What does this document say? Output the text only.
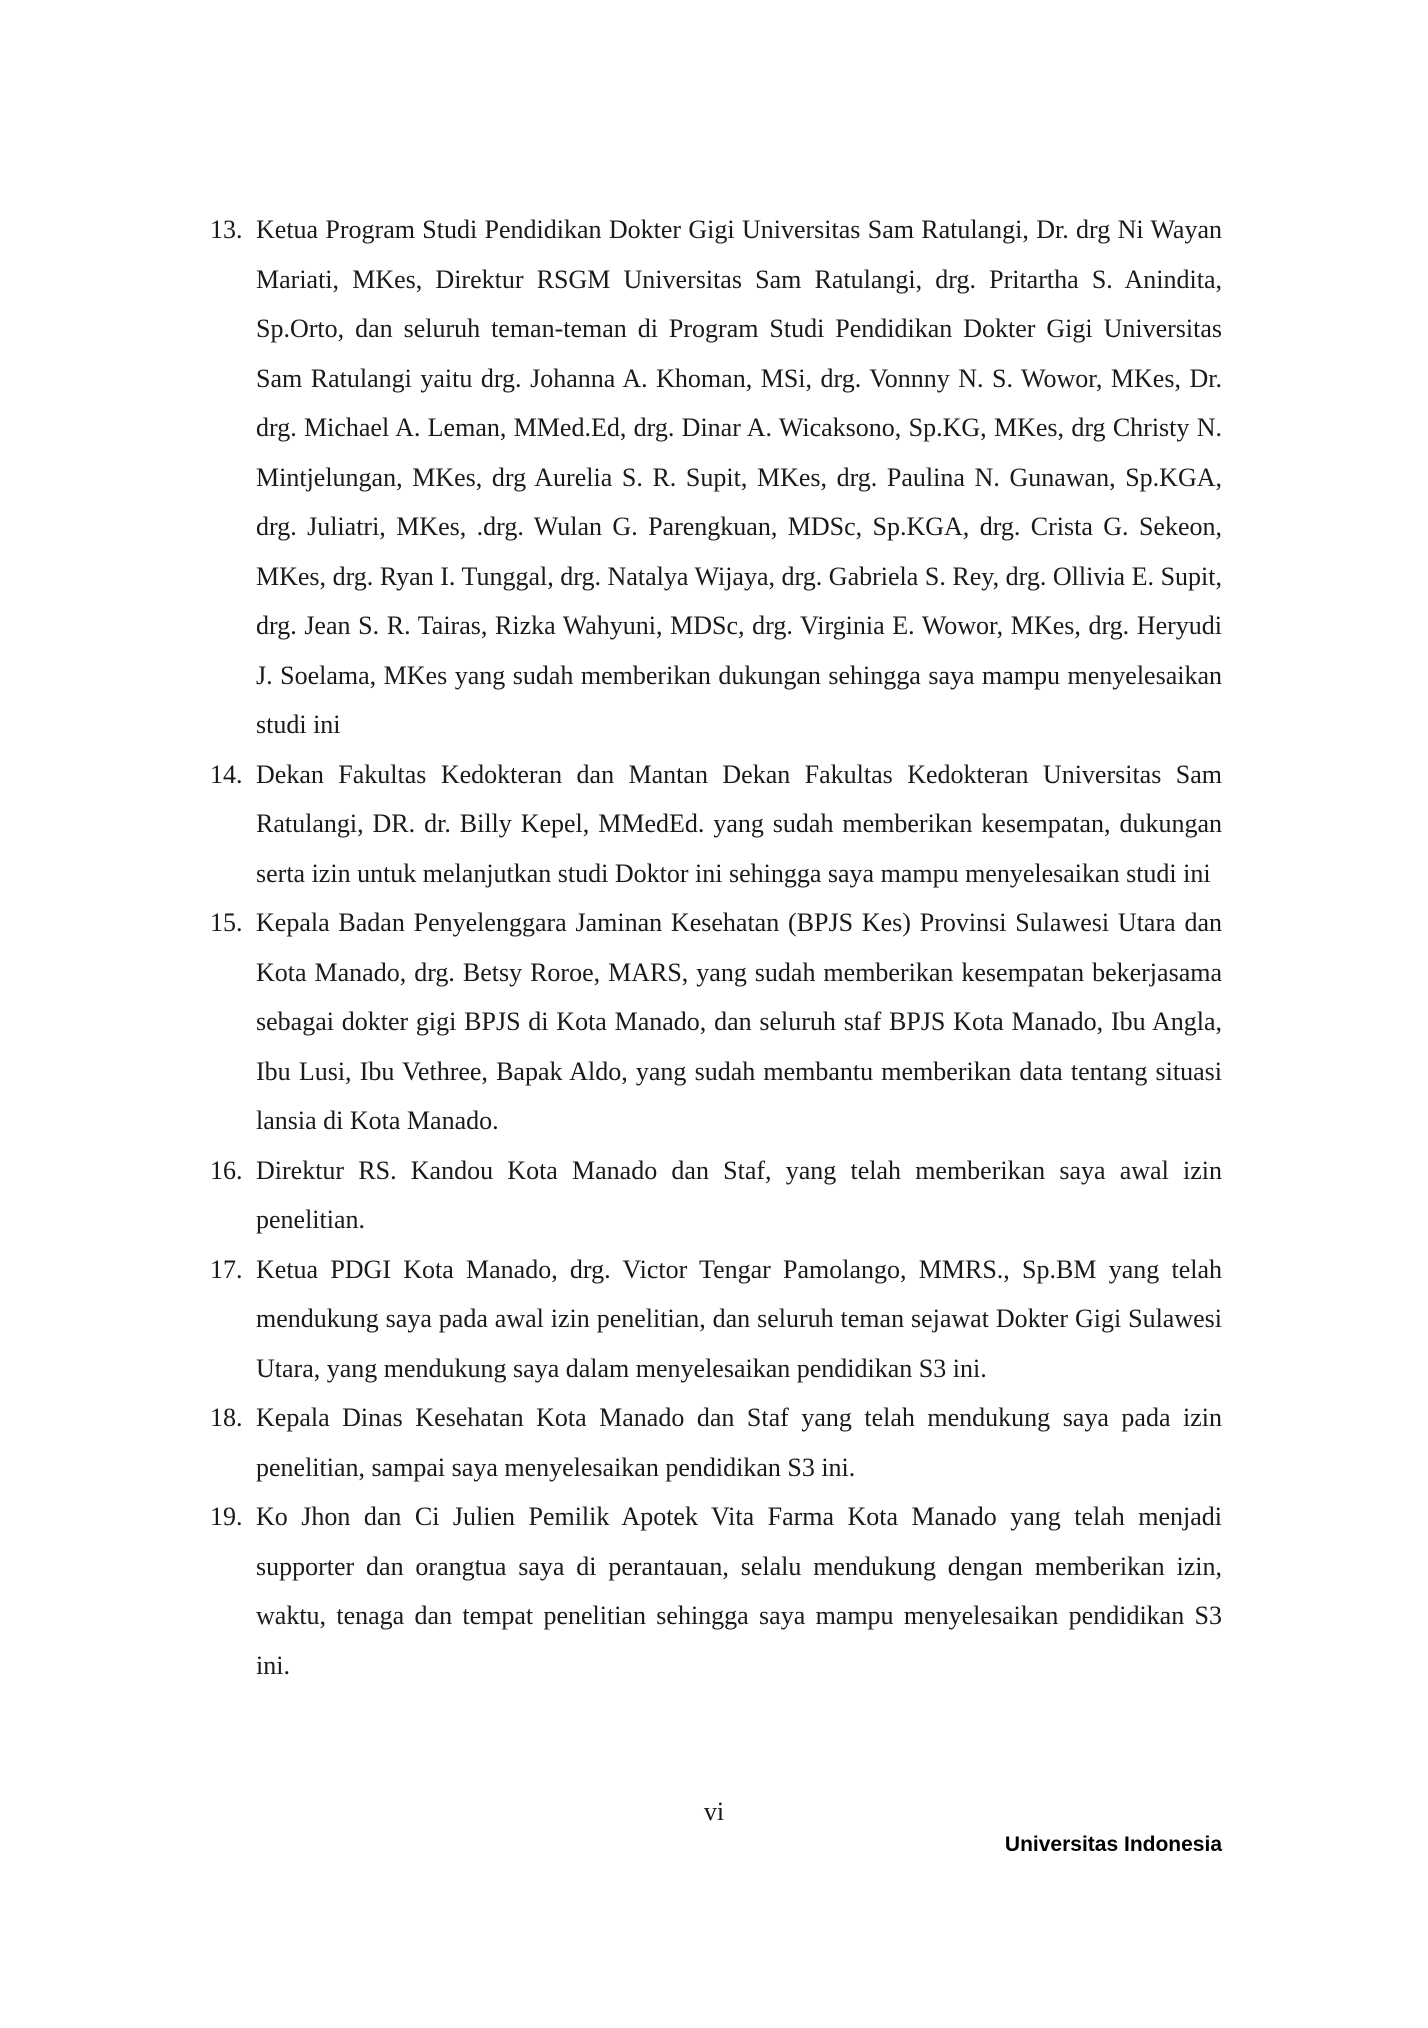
13. Ketua Program Studi Pendidikan Dokter Gigi Universitas Sam Ratulangi, Dr. drg Ni Wayan Mariati, MKes, Direktur RSGM Universitas Sam Ratulangi, drg. Pritartha S. Anindita, Sp.Orto, dan seluruh teman-teman di Program Studi Pendidikan Dokter Gigi Universitas Sam Ratulangi yaitu drg. Johanna A. Khoman, MSi, drg. Vonnny N. S. Wowor, MKes, Dr. drg. Michael A. Leman, MMed.Ed, drg. Dinar A. Wicaksono, Sp.KG, MKes, drg Christy N. Mintjelungan, MKes, drg Aurelia S. R. Supit, MKes, drg. Paulina N. Gunawan, Sp.KGA, drg. Juliatri, MKes, .drg. Wulan G. Parengkuan, MDSc, Sp.KGA, drg. Crista G. Sekeon, MKes, drg. Ryan I. Tunggal, drg. Natalya Wijaya, drg. Gabriela S. Rey, drg. Ollivia E. Supit, drg. Jean S. R. Tairas, Rizka Wahyuni, MDSc, drg. Virginia E. Wowor, MKes, drg. Heryudi J. Soelama, MKes yang sudah memberikan dukungan sehingga saya mampu menyelesaikan studi ini
14. Dekan Fakultas Kedokteran dan Mantan Dekan Fakultas Kedokteran Universitas Sam Ratulangi, DR. dr. Billy Kepel, MMedEd. yang sudah memberikan kesempatan, dukungan serta izin untuk melanjutkan studi Doktor ini sehingga saya mampu menyelesaikan studi ini
15. Kepala Badan Penyelenggara Jaminan Kesehatan (BPJS Kes) Provinsi Sulawesi Utara dan Kota Manado, drg. Betsy Roroe, MARS, yang sudah memberikan kesempatan bekerjasama sebagai dokter gigi BPJS di Kota Manado, dan seluruh staf BPJS Kota Manado, Ibu Angla, Ibu Lusi, Ibu Vethree, Bapak Aldo, yang sudah membantu memberikan data tentang situasi lansia di Kota Manado.
16. Direktur RS. Kandou Kota Manado dan Staf, yang telah memberikan saya awal izin penelitian.
17. Ketua PDGI Kota Manado, drg. Victor Tengar Pamolango, MMRS., Sp.BM yang telah mendukung saya pada awal izin penelitian, dan seluruh teman sejawat Dokter Gigi Sulawesi Utara, yang mendukung saya dalam menyelesaikan pendidikan S3 ini.
18. Kepala Dinas Kesehatan Kota Manado dan Staf yang telah mendukung saya pada izin penelitian, sampai saya menyelesaikan pendidikan S3 ini.
19. Ko Jhon dan Ci Julien Pemilik Apotek Vita Farma Kota Manado yang telah menjadi supporter dan orangtua saya di perantauan, selalu mendukung dengan memberikan izin, waktu, tenaga dan tempat penelitian sehingga saya mampu menyelesaikan pendidikan S3 ini.
vi
Universitas Indonesia
